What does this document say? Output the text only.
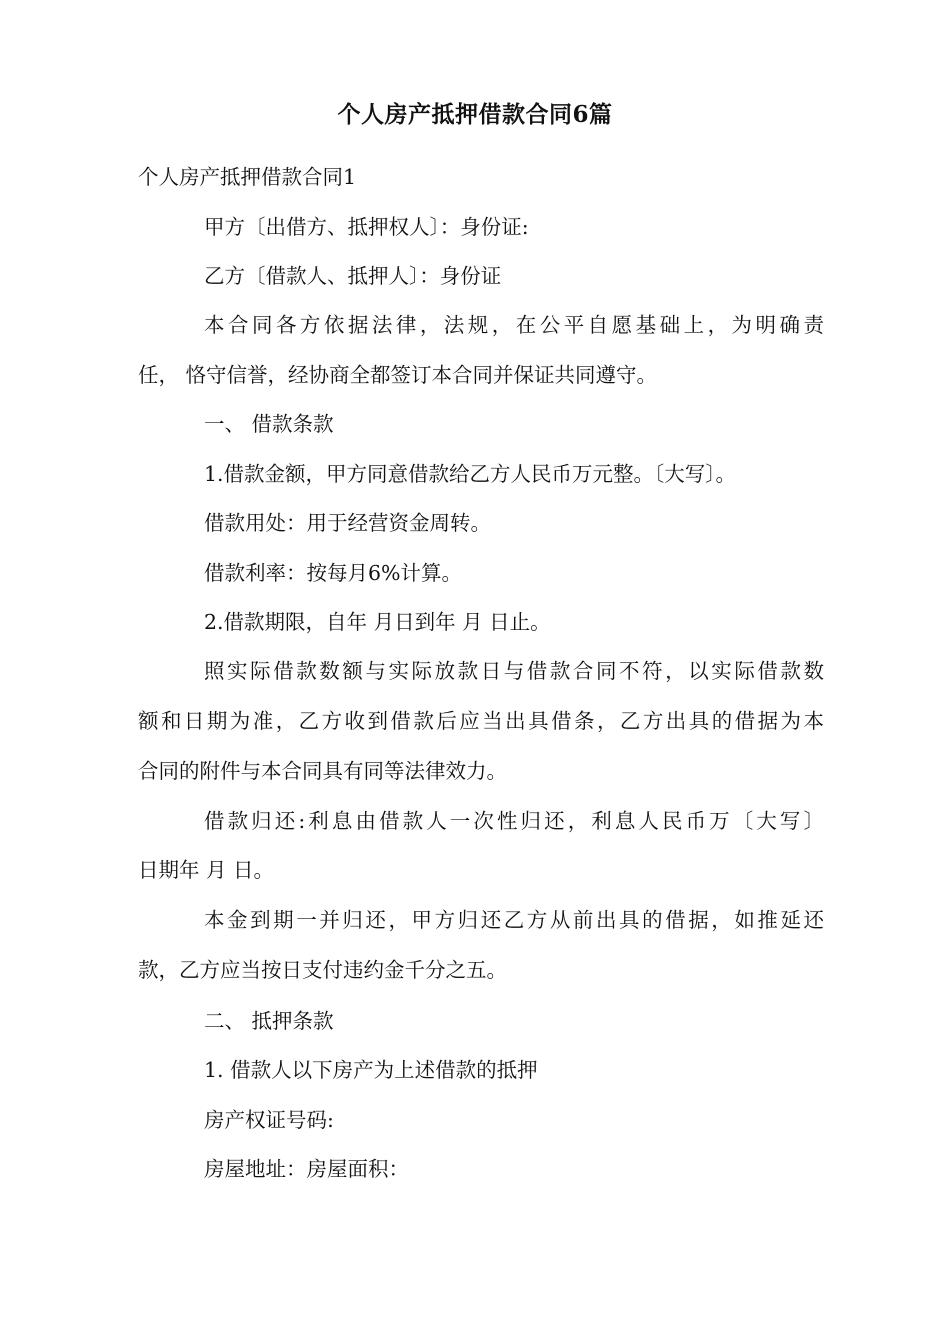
个人房产抵押借款合同6篇
个人房产抵押借款合同1
甲方〔出借方、抵押权人〕：身份证:
乙方〔借款人、抵押人〕：身份证
本合同各方依据法律，法规，在公平自愿基础上，为明确责
任， 恪守信誉，经协商全都签订本合同并保证共同遵守。
一、 借款条款
1.借款金额，甲方同意借款给乙方人民币万元整。〔大写〕。
借款用处：用于经营资金周转。
借款利率：按每月6%计算。
2.借款期限，自年 月日到年 月 日止。
照实际借款数额与实际放款日与借款合同不符，以实际借款数
额和日期为准，乙方收到借款后应当出具借条，乙方出具的借据为本
合同的附件与本合同具有同等法律效力。
借款归还:利息由借款人一次性归还，利息人民币万〔大写〕
日期年 月 日。
本金到期一并归还，甲方归还乙方从前出具的借据，如推延还
款，乙方应当按日支付违约金千分之五。
二、 抵押条款
1. 借款人以下房产为上述借款的抵押
房产权证号码:
房屋地址：房屋面积：
